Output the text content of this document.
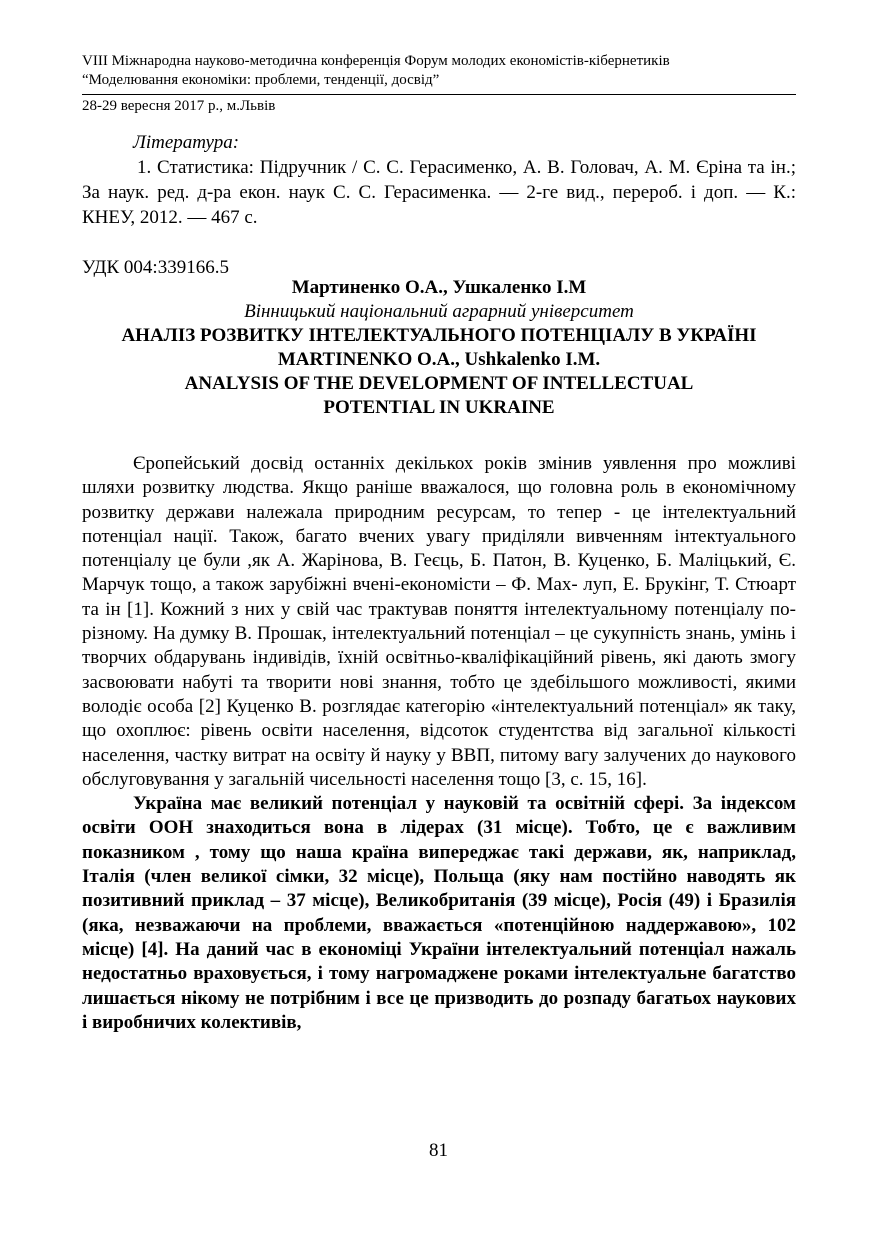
VIII Міжнародна науково-методична конференція Форум молодих економістів-кібернетиків
“Моделювання економіки: проблеми, тенденції, досвід”
28-29 вересня 2017 р., м.Львів
Література:

1. Статистика: Підручник / С. С. Герасименко, А. В. Головач, А. М. Єріна та ін.; За наук. ред. д-ра екон. наук С. С. Герасименка. — 2-ге вид., перероб. і доп. — К.: КНЕУ, 2012. — 467 с.

УДК 004:339166.5
Мартиненко О.А., Ушкаленко І.М
Вінницький національний аграрний університет
АНАЛІЗ РОЗВИТКУ ІНТЕЛЕКТУАЛЬНОГО ПОТЕНЦІАЛУ В УКРАЇНІ
MARTINENKO O.A., Ushkalenko I.M.
ANALYSIS OF THE DEVELOPMENT OF INTELLECTUAL
POTENTIAL IN UKRAINE

Єропейський досвід останніх декількох років змінив уявлення про можливі шляхи розвитку людства. Якщо раніше вважалося, що головна роль в економічному розвитку держави належала природним ресурсам, то тепер - це інтелектуальний потенціал нації. Також, багато вчених увагу приділяли вивченням інтектуального потенціалу це були ,як А. Жарінова, В. Геєць, Б. Патон, В. Куценко, Б. Маліцький, Є. Марчук тощо, а також зарубіжні вчені-економісти – Ф. Мах- луп, Е. Брукінг, Т. Стюарт та ін [1]. Кожний з них у свій час трактував поняття інтелектуальному потенціалу по-різному. На думку В. Прошак, інтелектуальний потенціал – це сукупність знань, умінь і творчих обдарувань індивідів, їхній освітньо-кваліфікаційний рівень, які дають змогу засвоювати набуті та творити нові знання, тобто це здебільшого можливості, якими володіє особа [2] Куценко В. розглядає категорію «інтелектуальний потенціал» як таку, що охоплює: рівень освіти населення, відсоток студентства від загальної кількості населення, частку витрат на освіту й науку у ВВП, питому вагу залучених до наукового обслуговування у загальній чисельності населення тощо [3, с. 15, 16].

Україна має великий потенціал у науковій та освітній сфері. За індексом освіти ООН знаходиться вона в лідерах (31 місце). Тобто, це є важливим показником , тому що наша країна випереджає такі держави, як, наприклад, Італія (член великої сімки, 32 місце), Польща (яку нам постійно наводять як позитивний приклад – 37 місце), Великобританія (39 місце), Росія (49) і Бразилія (яка, незважаючи на проблеми, вважається «потенційною наддержавою», 102 місце) [4]. На даний час в економіці України інтелектуальний потенціал нажаль недостатньо враховується, і тому нагромаджене роками інтелектуальне багатство лишається нікому не потрібним і все це призводить до розпаду багатьох наукових і виробничих колективів,

81
